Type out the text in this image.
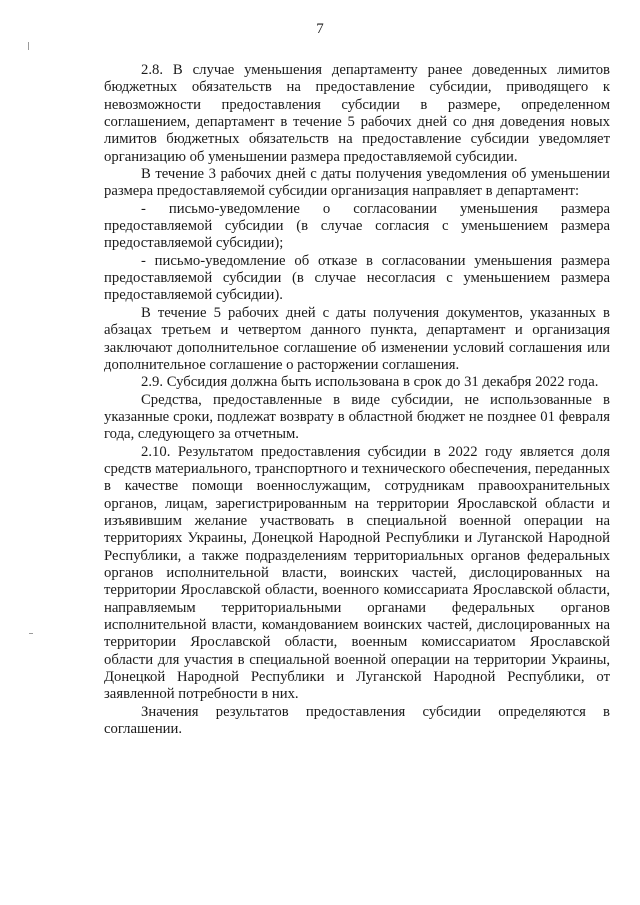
7

2.8. В случае уменьшения департаменту ранее доведенных лимитов бюджетных обязательств на предоставление субсидии, приводящего к невозможности предоставления субсидии в размере, определенном соглашением, департамент в течение 5 рабочих дней со дня доведения новых лимитов бюджетных обязательств на предоставление субсидии уведомляет организацию об уменьшении размера предоставляемой субсидии.

В течение 3 рабочих дней с даты получения уведомления об уменьшении размера предоставляемой субсидии организация направляет в департамент:

- письмо-уведомление о согласовании уменьшения размера предоставляемой субсидии (в случае согласия с уменьшением размера предоставляемой субсидии);

- письмо-уведомление об отказе в согласовании уменьшения размера предоставляемой субсидии (в случае несогласия с уменьшением размера предоставляемой субсидии).

В течение 5 рабочих дней с даты получения документов, указанных в абзацах третьем и четвертом данного пункта, департамент и организация заключают дополнительное соглашение об изменении условий соглашения или дополнительное соглашение о расторжении соглашения.

2.9. Субсидия должна быть использована в срок до 31 декабря 2022 года.

Средства, предоставленные в виде субсидии, не использованные в указанные сроки, подлежат возврату в областной бюджет не позднее 01 февраля года, следующего за отчетным.

2.10. Результатом предоставления субсидии в 2022 году является доля средств материального, транспортного и технического обеспечения, переданных в качестве помощи военнослужащим, сотрудникам правоохранительных органов, лицам, зарегистрированным на территории Ярославской области и изъявившим желание участвовать в специальной военной операции на территориях Украины, Донецкой Народной Республики и Луганской Народной Республики, а также подразделениям территориальных органов федеральных органов исполнительной власти, воинских частей, дислоцированных на территории Ярославской области, военного комиссариата Ярославской области, направляемым территориальными органами федеральных органов исполнительной власти, командованием воинских частей, дислоцированных на территории Ярославской области, военным комиссариатом Ярославской области для участия в специальной военной операции на территории Украины, Донецкой Народной Республики и Луганской Народной Республики, от заявленной потребности в них.

Значения результатов предоставления субсидии определяются в соглашении.
